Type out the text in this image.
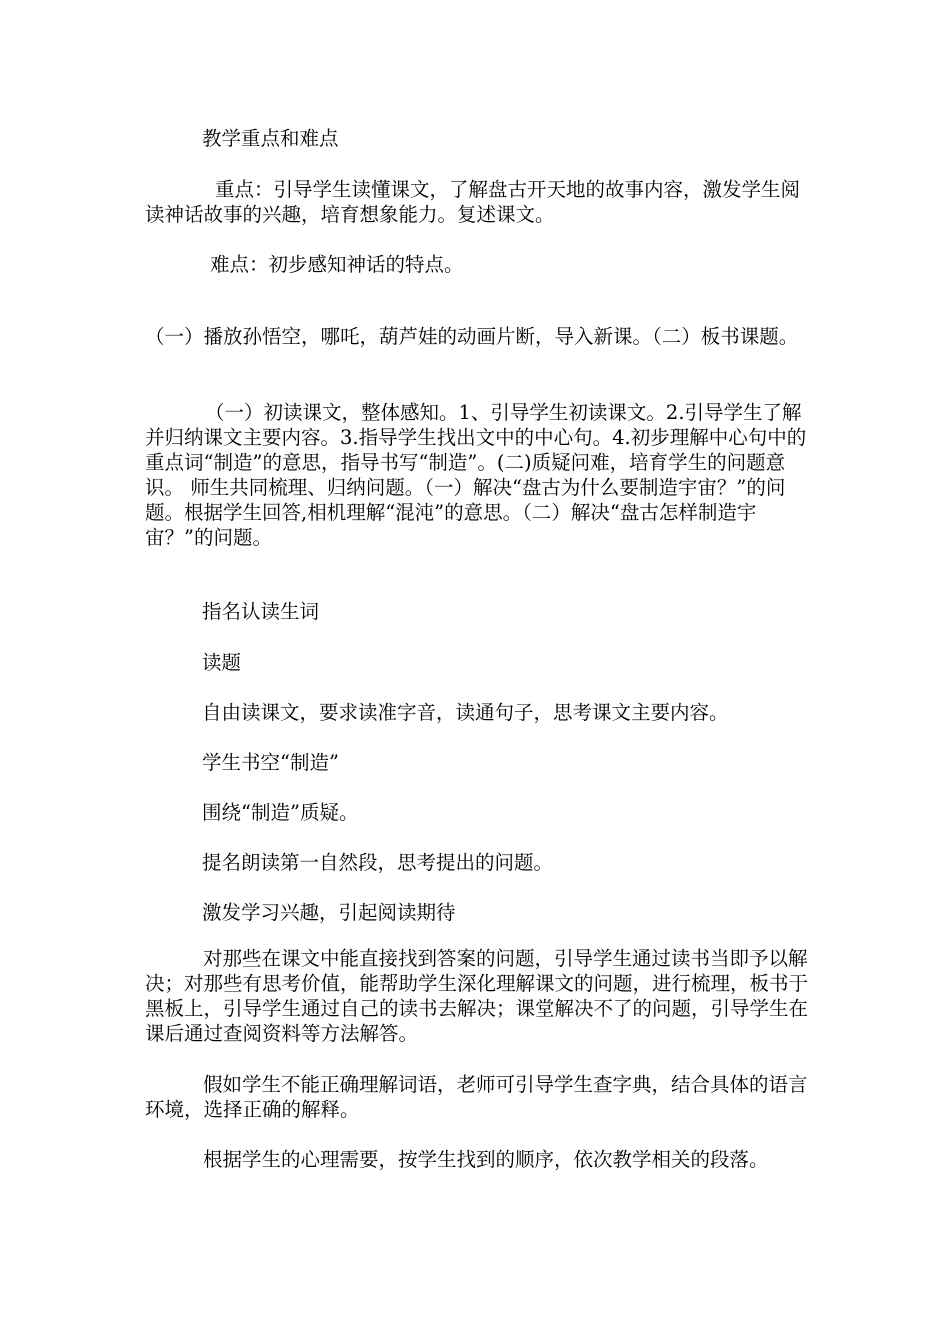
教学重点和难点

重点：引导学生读懂课文，了解盘古开天地的故事内容，激发学生阅读神话故事的兴趣，培育想象能力。复述课文。

难点：初步感知神话的特点。

（一）播放孙悟空，哪吒，葫芦娃的动画片断，导入新课。（二）板书课题。

（一）初读课文，整体感知。1、引导学生初读课文。2.引导学生了解并归纳课文主要内容。3.指导学生找出文中的中心句。4.初步理解中心句中的重点词“制造”的意思，指导书写“制造”。(二)质疑问难，培育学生的问题意识。 师生共同梳理、归纳问题。（一）解决“盘古为什么要制造宇宙？”的问题。根据学生回答,相机理解“混沌”的意思。（二）解决“盘古怎样制造宇宙？”的问题。

指名认读生词

读题

自由读课文，要求读准字音，读通句子，思考课文主要内容。

学生书空“制造”

围绕“制造”质疑。

提名朗读第一自然段，思考提出的问题。

激发学习兴趣，引起阅读期待

对那些在课文中能直接找到答案的问题，引导学生通过读书当即予以解决；对那些有思考价值，能帮助学生深化理解课文的问题，进行梳理，板书于黑板上，引导学生通过自己的读书去解决；课堂解决不了的问题，引导学生在课后通过查阅资料等方法解答。

假如学生不能正确理解词语，老师可引导学生查字典，结合具体的语言环境，选择正确的解释。

根据学生的心理需要，按学生找到的顺序，依次教学相关的段落。
